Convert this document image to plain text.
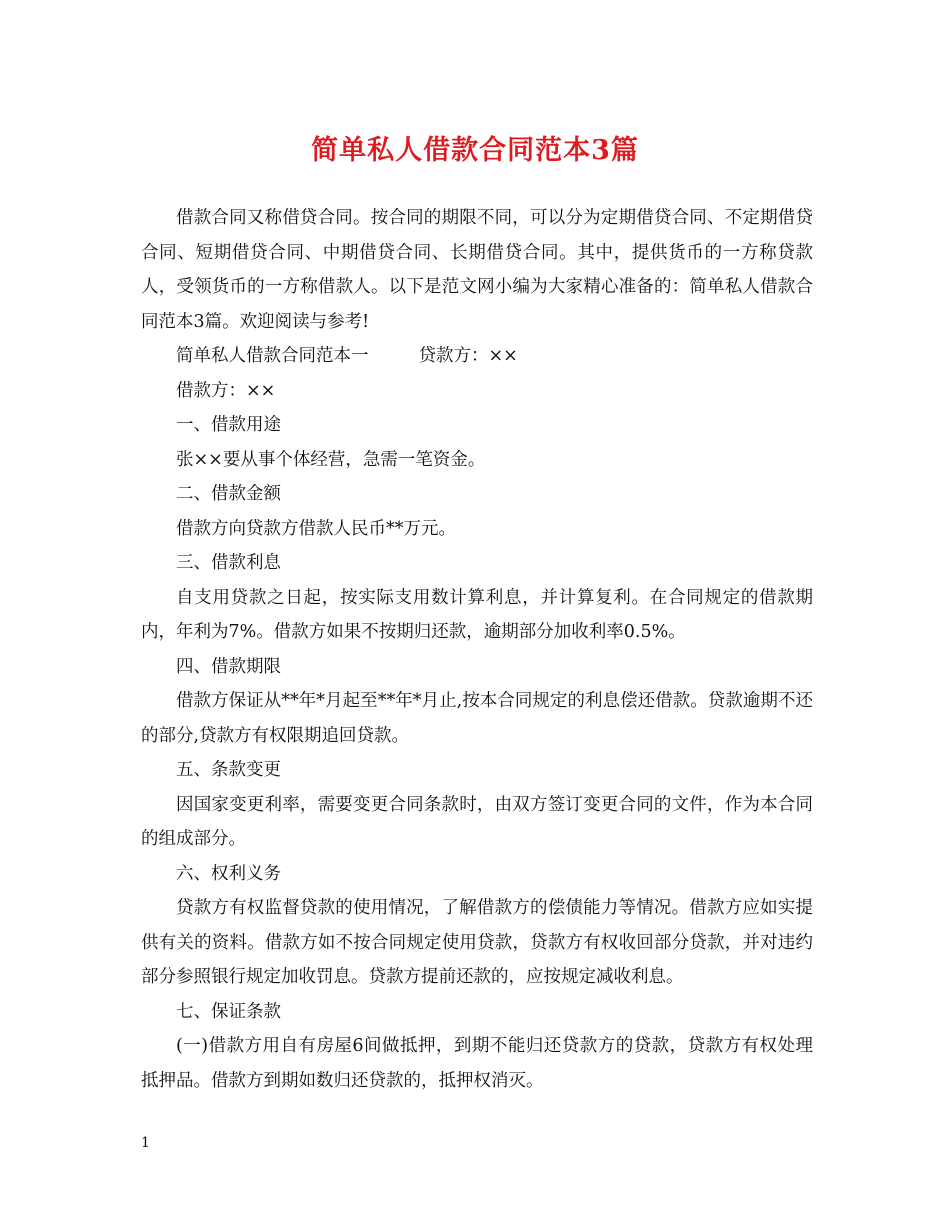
简单私人借款合同范本3篇

借款合同又称借贷合同。按合同的期限不同，可以分为定期借贷合同、不定期借贷合同、短期借贷合同、中期借贷合同、长期借贷合同。其中，提供货币的一方称贷款人，受领货币的一方称借款人。以下是范文网小编为大家精心准备的：简单私人借款合同范本3篇。欢迎阅读与参考!

简单私人借款合同范本一	贷款方：××

借款方：××

一、借款用途

张××要从事个体经营，急需一笔资金。

二、借款金额

借款方向贷款方借款人民币**万元。

三、借款利息

自支用贷款之日起，按实际支用数计算利息，并计算复利。在合同规定的借款期内，年利为7%。借款方如果不按期归还款，逾期部分加收利率0.5%。

四、借款期限

借款方保证从**年*月起至**年*月止,按本合同规定的利息偿还借款。贷款逾期不还的部分,贷款方有权限期追回贷款。

五、条款变更

因国家变更利率，需要变更合同条款时，由双方签订变更合同的文件，作为本合同的组成部分。

六、权利义务

贷款方有权监督贷款的使用情况，了解借款方的偿债能力等情况。借款方应如实提供有关的资料。借款方如不按合同规定使用贷款，贷款方有权收回部分贷款，并对违约部分参照银行规定加收罚息。贷款方提前还款的，应按规定减收利息。

七、保证条款

(一)借款方用自有房屋6间做抵押，到期不能归还贷款方的贷款，贷款方有权处理抵押品。借款方到期如数归还贷款的，抵押权消灭。

1
